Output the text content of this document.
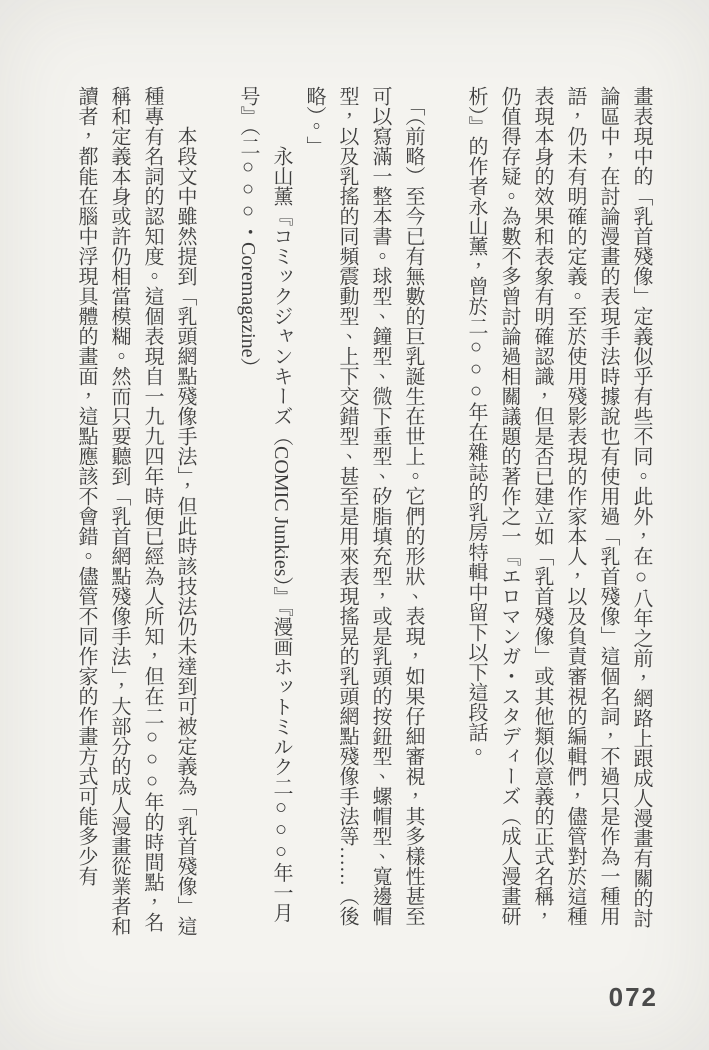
畫表現中的「乳首殘像」定義似乎有些不同。此外，在○八年之前，網路上跟成人漫畫有關的討論區中，在討論漫畫的表現手法時據說也有使用過「乳首殘像」這個名詞，不過只是作為一種用語，仍未有明確的定義。至於使用殘影表現的作家本人，以及負責審視的編輯們，儘管對於這種表現本身的效果和表象有明確認識，但是否已建立如「乳首殘像」或其他類似意義的正式名稱，仍值得存疑。為數不多曾討論過相關議題的著作之一『エロマンガ・スタディーズ（成人漫畫研析）』的作者永山薰，曾於二○○○年在雜誌的乳房特輯中留下以下這段話。

「（前略）至今已有無數的巨乳誕生在世上。它們的形狀、表現，如果仔細審視，其多樣性甚至可以寫滿一整本書。球型、鐘型、微下垂型、矽脂填充型，或是乳頭的按鈕型、螺帽型、寬邊帽型，以及乳搖的同頻震動型、上下交錯型、甚至是用來表現搖晃的乳頭網點殘像手法等……（後略）。」

永山薰『コミックジャンキーズ（COMIC Junkies）』『漫画ホットミルク二○○○年一月号』（二○○○・Coremagazine）

本段文中雖然提到「乳頭網點殘像手法」，但此時該技法仍未達到可被定義為「乳首殘像」這種專有名詞的認知度。這個表現自一九九四年時便已經為人所知，但在二○○○年的時間點，名稱和定義本身或許仍相當模糊。然而只要聽到「乳首網點殘像手法」，大部分的成人漫畫從業者和讀者，都能在腦中浮現具體的畫面，這點應該不會錯。儘管不同作家的作畫方式可能多少有

072
